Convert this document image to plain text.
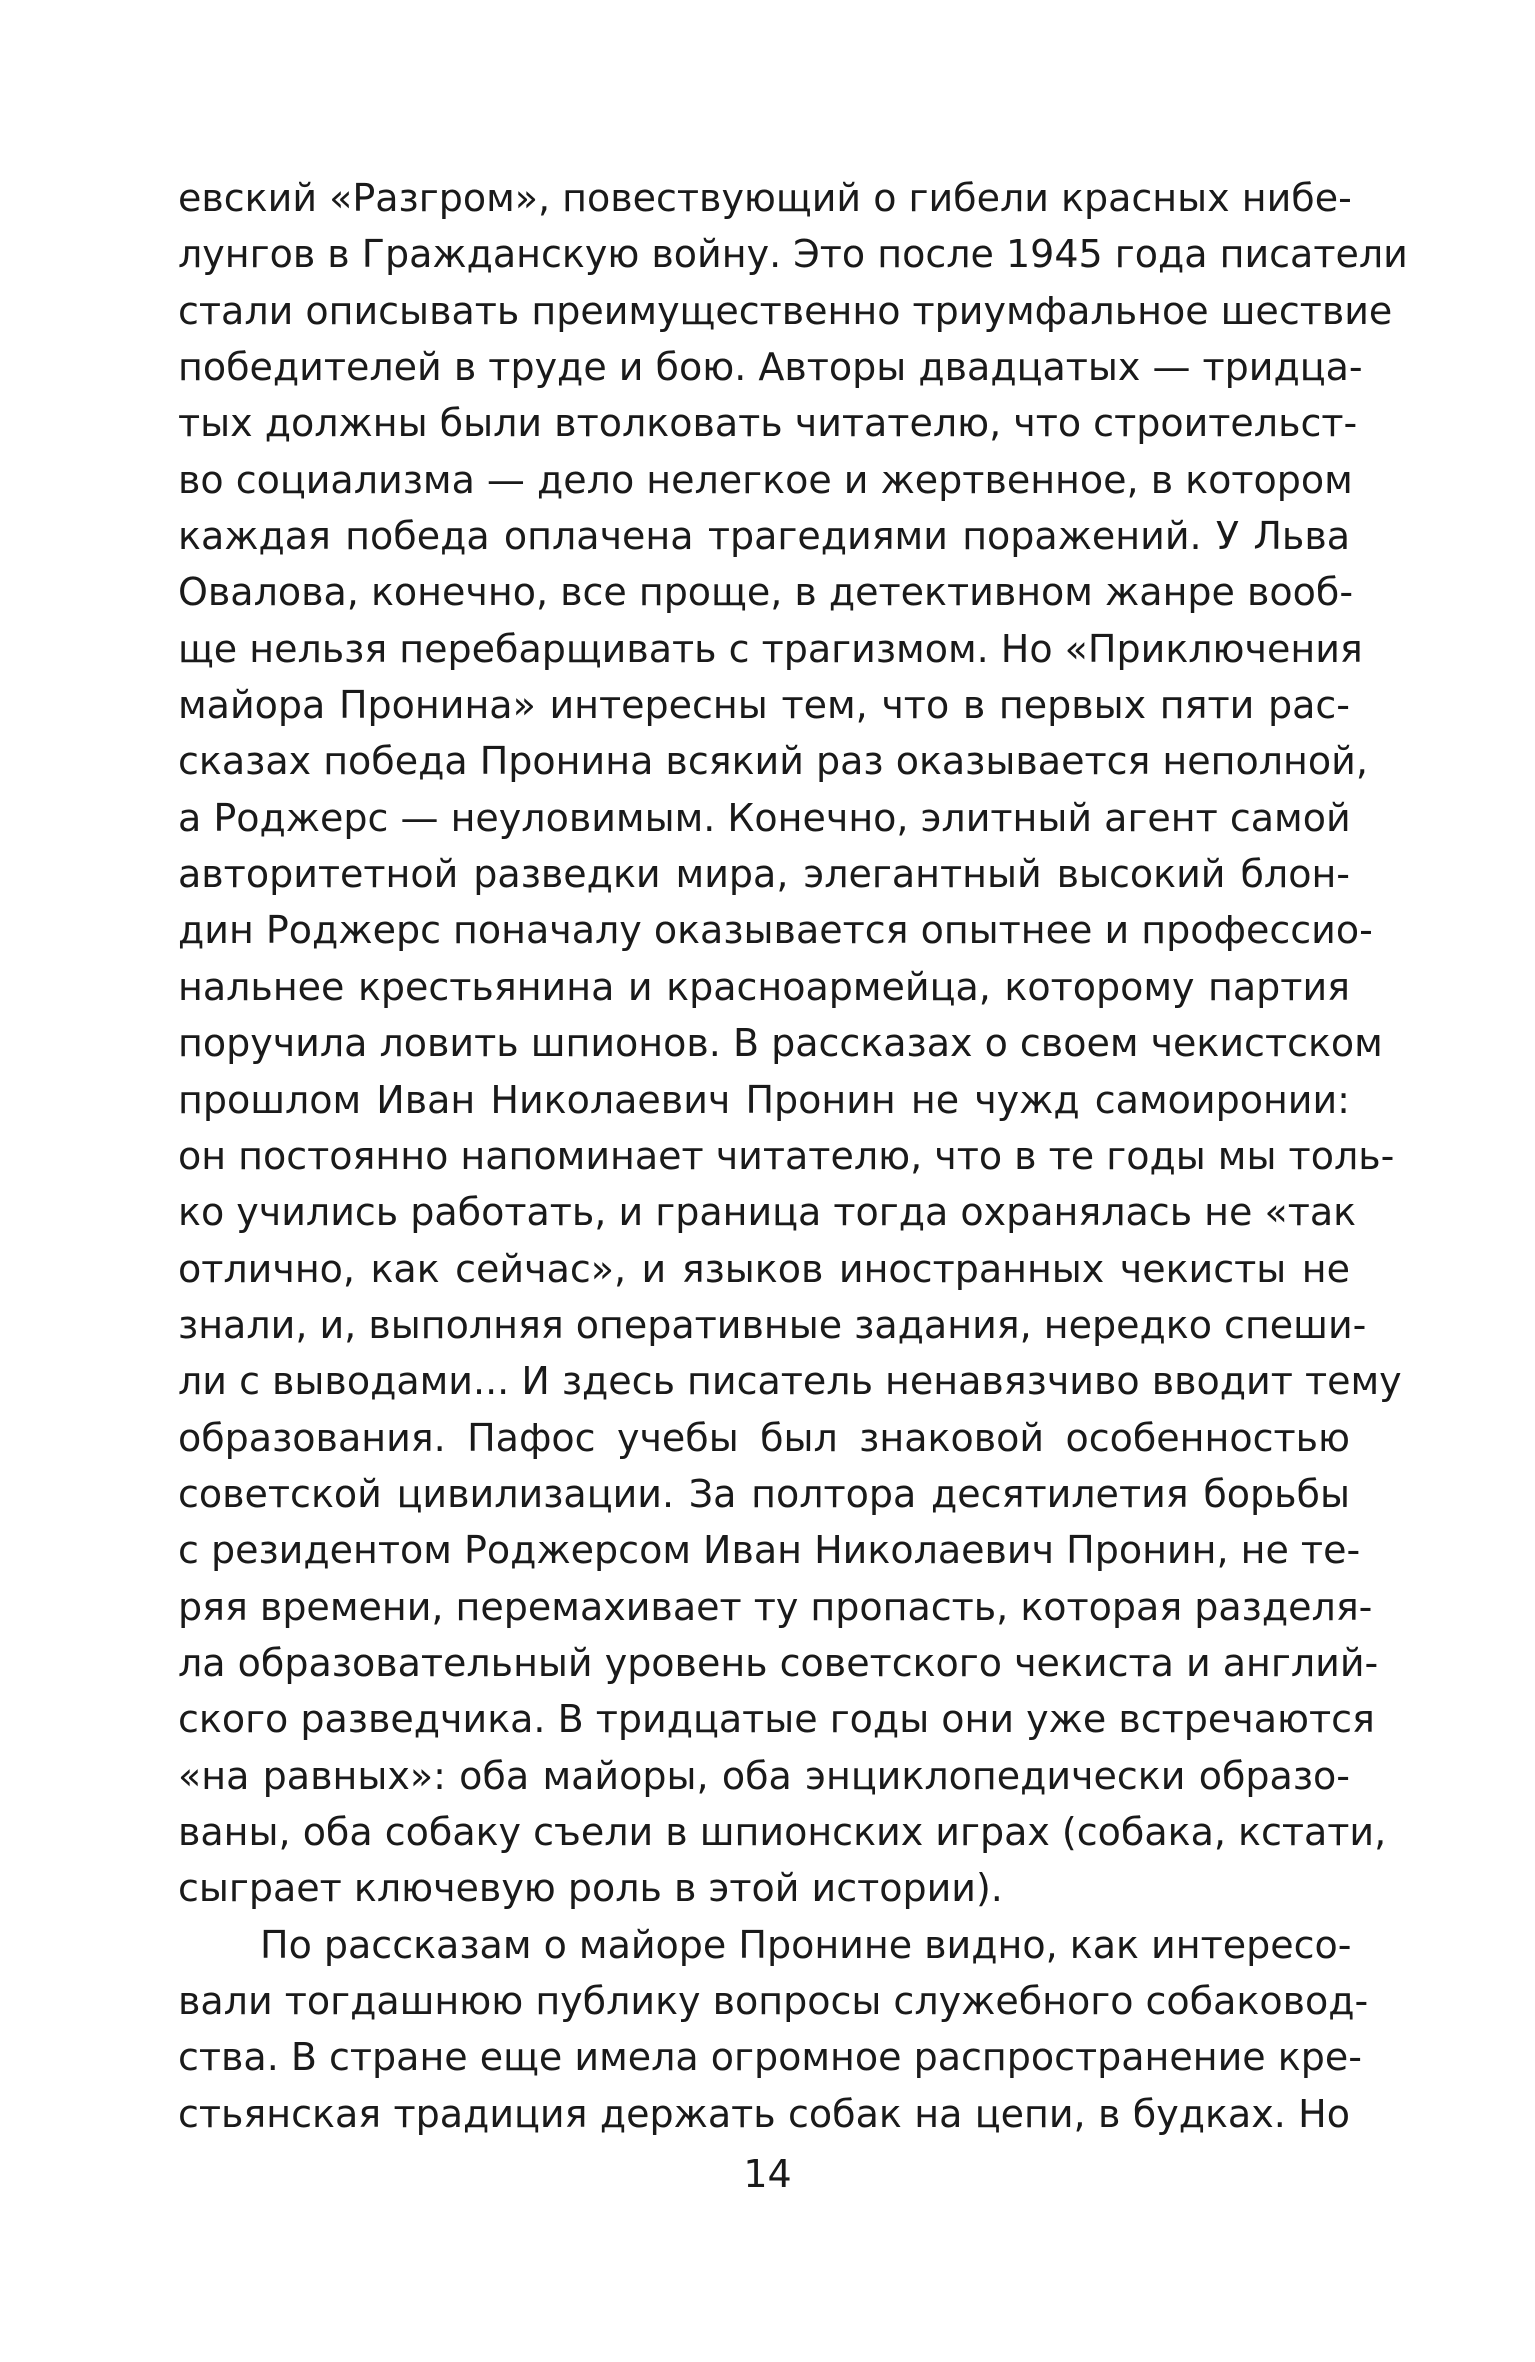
евский «Разгром», повествующий о гибели красных нибе-
лунгов в Гражданскую войну. Это после 1945 года писатели
стали описывать преимущественно триумфальное шествие
победителей в труде и бою. Авторы двадцатых — тридца-
тых должны были втолковать читателю, что строительст-
во социализма — дело нелегкое и жертвенное, в котором
каждая победа оплачена трагедиями поражений. У Льва
Овалова, конечно, все проще, в детективном жанре вооб-
ще нельзя перебарщивать с трагизмом. Но «Приключения
майора Пронина» интересны тем, что в первых пяти рас-
сказах победа Пронина всякий раз оказывается неполной,
а Роджерс — неуловимым. Конечно, элитный агент самой
авторитетной разведки мира, элегантный высокий блон-
дин Роджерс поначалу оказывается опытнее и профессио-
нальнее крестьянина и красноармейца, которому партия
поручила ловить шпионов. В рассказах о своем чекистском
прошлом Иван Николаевич Пронин не чужд самоиронии:
он постоянно напоминает читателю, что в те годы мы толь-
ко учились работать, и граница тогда охранялась не «так
отлично, как сейчас», и языков иностранных чекисты не
знали, и, выполняя оперативные задания, нередко спеши-
ли с выводами... И здесь писатель ненавязчиво вводит тему
образования. Пафос учебы был знаковой особенностью
советской цивилизации. За полтора десятилетия борьбы
с резидентом Роджерсом Иван Николаевич Пронин, не те-
ряя времени, перемахивает ту пропасть, которая разделя-
ла образовательный уровень советского чекиста и англий-
ского разведчика. В тридцатые годы они уже встречаются
«на равных»: оба майоры, оба энциклопедически образо-
ваны, оба собаку съели в шпионских играх (собака, кстати,
сыграет ключевую роль в этой истории).
По рассказам о майоре Пронине видно, как интересо-
вали тогдашнюю публику вопросы служебного собаковод-
ства. В стране еще имела огромное распространение кре-
стьянская традиция держать собак на цепи, в будках. Но
14
